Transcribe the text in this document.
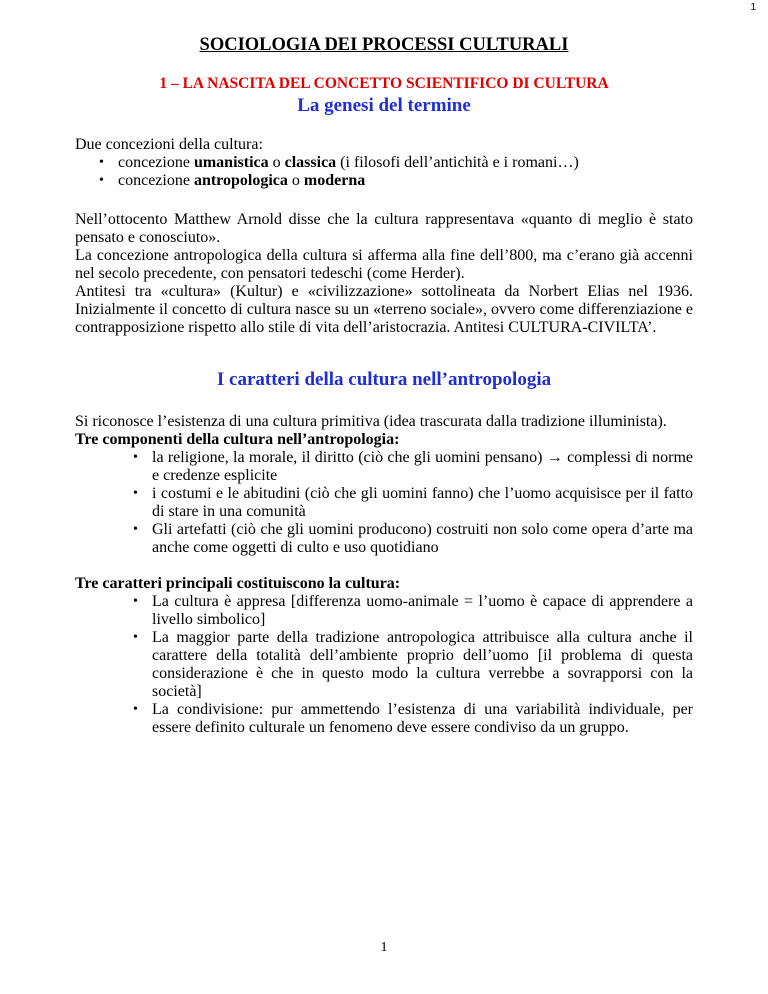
1
SOCIOLOGIA DEI PROCESSI CULTURALI
1 – LA NASCITA DEL CONCETTO SCIENTIFICO DI CULTURA
La genesi del termine

Due concezioni della cultura:

• concezione umanistica o classica (i filosofi dell’antichità e i romani…)
• concezione antropologica o moderna

Nell’ottocento Matthew Arnold disse che la cultura rappresentava «quanto di meglio è stato pensato e conosciuto».

La concezione antropologica della cultura si afferma alla fine dell’800, ma c’erano già accenni nel secolo precedente, con pensatori tedeschi (come Herder).

Antitesi tra «cultura» (Kultur) e «civilizzazione» sottolineata da Norbert Elias nel 1936. Inizialmente il concetto di cultura nasce su un «terreno sociale», ovvero come differenziazione e contrapposizione rispetto allo stile di vita dell’aristocrazia. Antitesi CULTURA-CIVILTA’.

I caratteri della cultura nell’antropologia

Si riconosce l’esistenza di una cultura primitiva (idea trascurata dalla tradizione illuminista).

Tre componenti della cultura nell’antropologia:

• la religione, la morale, il diritto (ciò che gli uomini pensano) → complessi di norme e credenze esplicite
• i costumi e le abitudini (ciò che gli uomini fanno) che l’uomo acquisisce per il fatto di stare in una comunità
• Gli artefatti (ciò che gli uomini producono) costruiti non solo come opera d’arte ma anche come oggetti di culto e uso quotidiano

Tre caratteri principali costituiscono la cultura:

• La cultura è appresa [differenza uomo-animale = l’uomo è capace di apprendere a livello simbolico]
• La maggior parte della tradizione antropologica attribuisce alla cultura anche il carattere della totalità dell’ambiente proprio dell’uomo [il problema di questa considerazione è che in questo modo la cultura verrebbe a sovrapporsi con la società]
• La condivisione: pur ammettendo l’esistenza di una variabilità individuale, per essere definito culturale un fenomeno deve essere condiviso da un gruppo.
1
